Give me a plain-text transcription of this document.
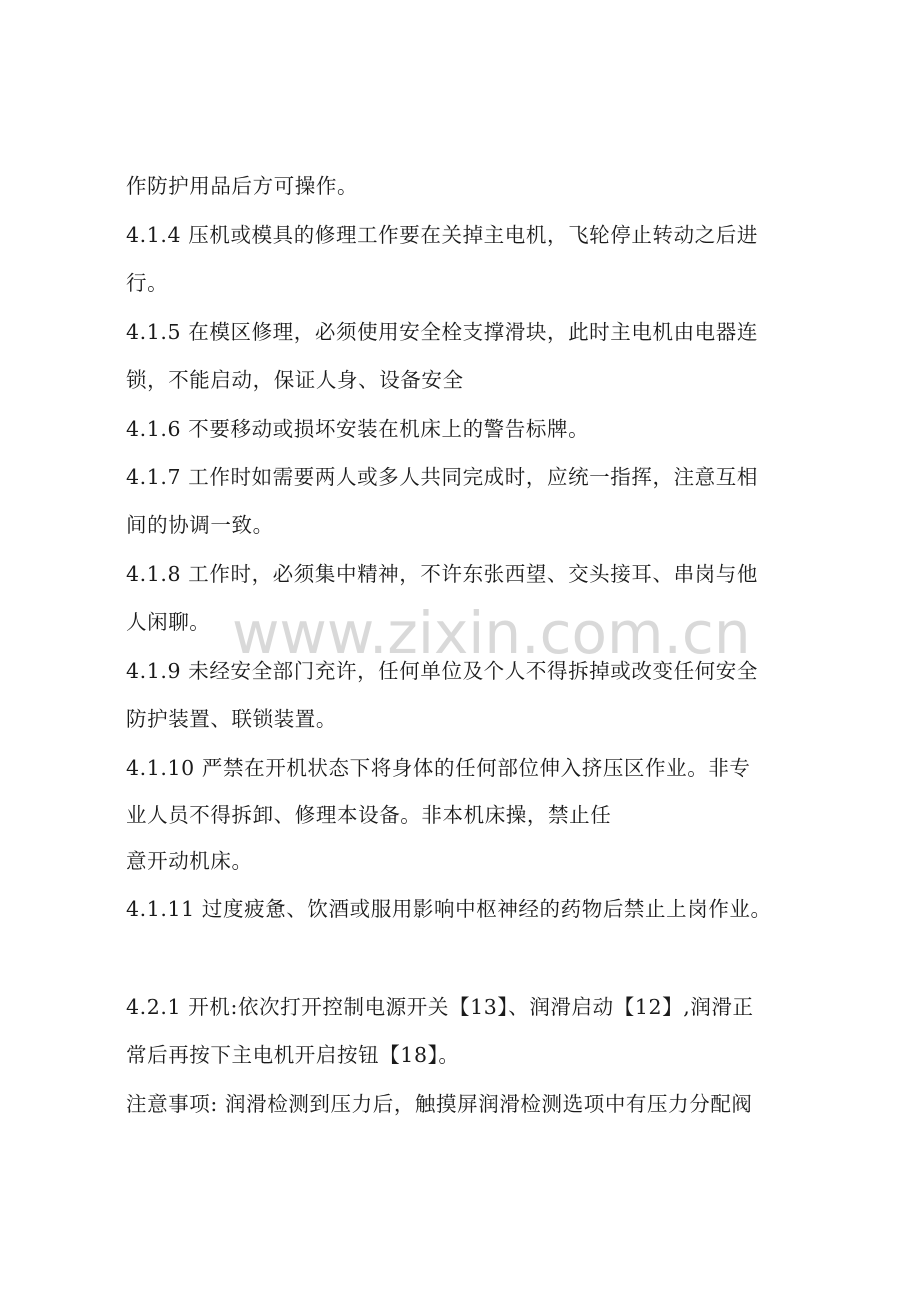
作防护用品后方可操作。

4.1.4 压机或模具的修理工作要在关掉主电机，飞轮停止转动之后进

行。

4.1.5 在模区修理，必须使用安全栓支撑滑块，此时主电机由电器连

锁，不能启动，保证人身、设备安全

4.1.6 不要移动或损坏安装在机床上的警告标牌。

4.1.7 工作时如需要两人或多人共同完成时，应统一指挥，注意互相

间的协调一致。

4.1.8 工作时，必须集中精神，不许东张西望、交头接耳、串岗与他

人闲聊。

4.1.9 未经安全部门充许，任何单位及个人不得拆掉或改变任何安全

防护装置、联锁装置。

4.1.10 严禁在开机状态下将身体的任何部位伸入挤压区作业。非专

业人员不得拆卸、修理本设备。非本机床操，禁止任

意开动机床。

4.1.11 过度疲惫、饮酒或服用影响中枢神经的药物后禁止上岗作业。

4.2.1 开机:依次打开控制电源开关【13】、润滑启动【12】,润滑正

常后再按下主电机开启按钮【18】。

注意事项: 润滑检测到压力后，触摸屏润滑检测选项中有压力分配阀

www.zixin.com.cn
